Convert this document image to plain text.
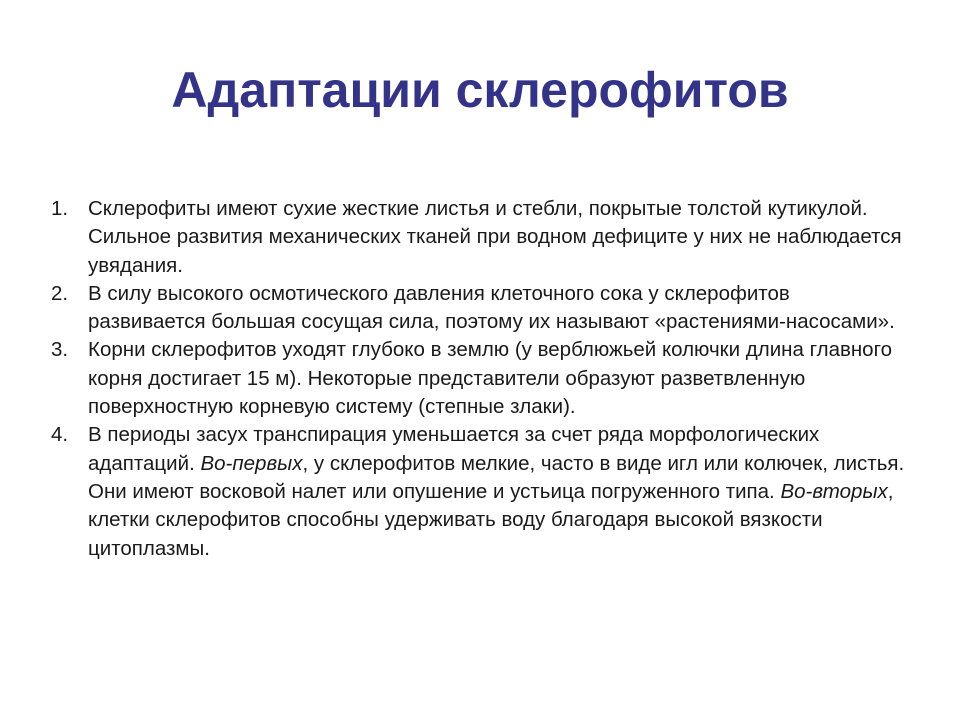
Адаптации склерофитов
1. Склерофиты имеют сухие жесткие листья и стебли, покрытые толстой кутикулой. Сильное развития механических тканей при водном дефиците у них не наблюдается увядания.
2. В силу высокого осмотического давления клеточного сока у склерофитов развивается большая сосущая сила, поэтому их называют «растениями-насосами».
3. Корни склерофитов уходят глубоко в землю (у верблюжьей колючки длина главного корня достигает 15 м). Некоторые представители образуют разветвленную поверхностную корневую систему (степные злаки).
4. В периоды засух транспирация уменьшается за счет ряда морфологических адаптаций. Во-первых, у склерофитов мелкие, часто в виде игл или колючек, листья. Они имеют восковой налет или опушение и устьица погруженного типа. Во-вторых, клетки склерофитов способны удерживать воду благодаря высокой вязкости цитоплазмы.
